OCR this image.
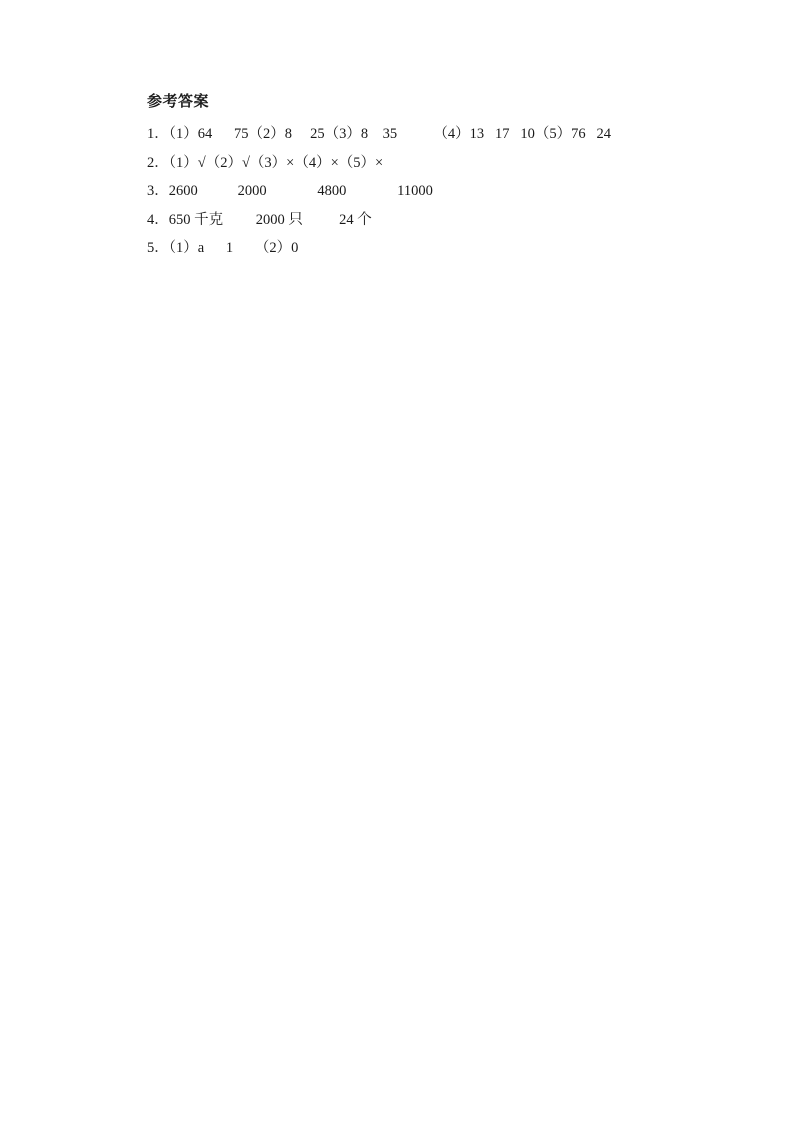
参考答案
1．（1）64      75（2）8     25（3）8    35          （4）13   17   10（5）76   24
2．（1）√（2）√（3）×（4）×（5）×
3．2600           2000              4800              11000
4．650 千克         2000 只          24 个
5．（1）a      1      （2）0
